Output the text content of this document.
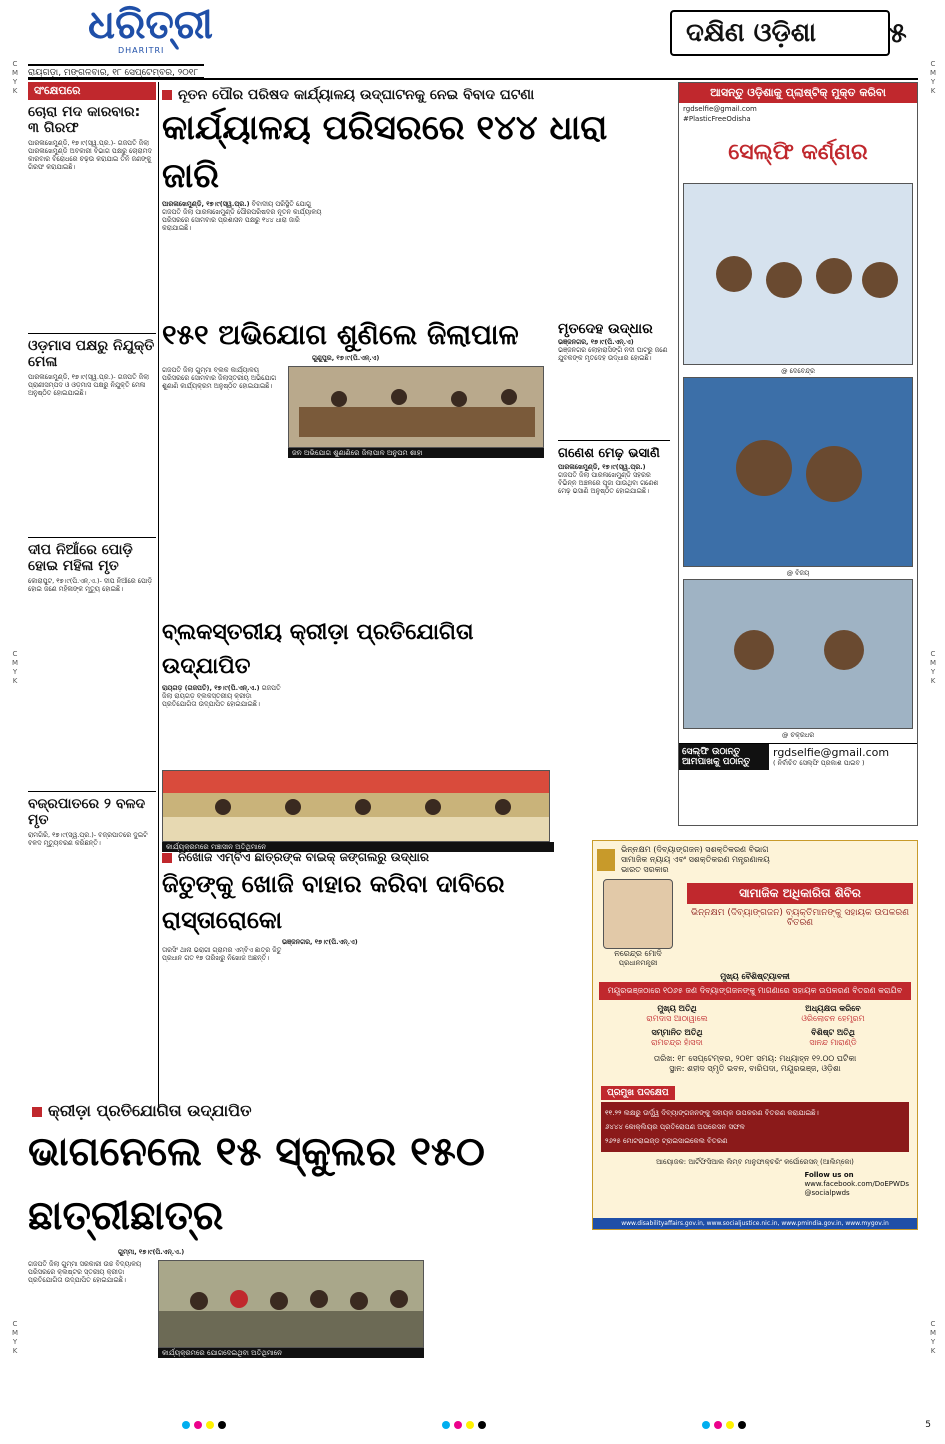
ଧରିତ୍ରୀ
DHARITRI
ରାୟଗଡ଼ା, ମଙ୍ଗଳବାର, ୧୮ ସେପ୍ଟେମ୍ବର, ୨୦୧୮
ଦକ୍ଷିଣ ଓଡ଼ିଶା	୫
C
M
Y
K
C
M
Y
K
C
M
Y
K
C
M
Y
K
C
M
Y
K
C
M
Y
K
ସଂକ୍ଷେପରେ
ଚୋରା ମଦ କାରବାର: ୩ ଗିରଫ
ପାରଳାଖେମୁଣ୍ଡି, ୧୭।୯(ସ୍ୱ.ପ୍ର.)- ଗଜପତି ଜିଲା ପାରଳାଖେମୁଣ୍ଡି ଅବକାରୀ ବିଭାଗ ପକ୍ଷରୁ ଚୋରାମଦ କାରବାର ବିରୋଧରେ ଚଢ଼ଉ କରାଯାଇ ତିନି ଜଣଙ୍କୁ ଗିରଫ କରାଯାଇଛି।
ଓଡ଼ମାସ ପକ୍ଷରୁ ନିଯୁକ୍ତି ମେଳା
ପାରଳାଖେମୁଣ୍ଡି, ୧୭।୯(ସ୍ୱ.ପ୍ର.)- ଗଜପତି ଜିଲା ପ୍ରାଣୀସମ୍ପଦ ଓ ଓଡ଼ମାସ ପକ୍ଷରୁ ନିଯୁକ୍ତି ମେଳା ଅନୁଷ୍ଠିତ ହୋଇଯାଇଛି।
ଦୀପ ନିଆଁରେ ପୋଡ଼ି ହୋଇ ମହିଳା ମୃତ
କୋରାପୁଟ, ୧୭।୯(ପି.ଏନ୍.ଏ.)- ଦୀପ ନିଆଁରେ ପୋଡ଼ି ହୋଇ ଜଣେ ମହିଳାଙ୍କ ମୃତ୍ୟୁ ହୋଇଛି।
ବଜ୍ରପାତରେ ୨ ବଳଦ ମୃତ
ରାମଗିରି, ୧୭।୯(ସ୍ୱ.ପ୍ର.)- ବଜ୍ରପାତରେ ଦୁଇଟି ବଳଦ ମୃତ୍ୟୁବରଣ କରିଛନ୍ତି।
ନୂତନ ପୌର ପରିଷଦ କାର୍ଯ୍ୟାଳୟ ଉଦ୍‌ଘାଟନକୁ ନେଇ ବିବାଦ ଘଟଣା
କାର୍ଯ୍ୟାଳୟ ପରିସରରେ ୧୪୪ ଧାରା ଜାରି
ପାରଳାଖେମୁଣ୍ଡି, ୧୭।୯(ସ୍ୱ.ପ୍ର.) ବିବାଦୀୟ ପରିସ୍ଥିତି ଯୋଗୁ ଗଜପତି ଜିଲା ପାରଳାଖେମୁଣ୍ଡି ପୌରପରିଷଦର ନୂତନ କାର୍ଯ୍ୟାଳୟ ପରିସରରେ ସୋମବାର ପ୍ରଶାସନ ପକ୍ଷରୁ ୧୪୪ ଧାରା ଜାରି କରାଯାଇଛି।
୧୫୧ ଅଭିଯୋଗ ଶୁଣିଲେ ଜିଲାପାଳ
ଗୁଣୁପୁର, ୧୭।୯(ପି.ଏନ୍.ଏ)
ଗଜପତି ଜିଲା ଗୁମ୍ମା ବ୍ଲକ କାର୍ଯ୍ୟାଳୟ ପରିସରରେ ସୋମବାର ଜିଲାସ୍ତରୀୟ ଅଭିଯୋଗ ଶୁଣାଣି କାର୍ଯ୍ୟକ୍ରମ ଅନୁଷ୍ଠିତ ହୋଇଯାଇଛି।
ଜନ ଅଭିଯୋଗ ଶୁଣାଣିରେ ଜିଲାପାଳ ଅନୁପମ ଶାହା
ମୃତଦେହ ଉଦ୍ଧାର
ଭଞ୍ଜନଗର, ୧୭।୯(ପି.ଏନ୍.ଏ)
ଭଞ୍ଜନଗର ଲୋହାରାସିଙ୍ଗି ନଦୀ ଘାଟରୁ ଜଣେ ଯୁବକଙ୍କ ମୃତଦେହ ଉଦ୍ଧାର ହୋଇଛି।
ଗଣେଶ ମେଢ଼ ଭସାଣି
ପାରଳାଖେମୁଣ୍ଡି, ୧୭।୯(ସ୍ୱ.ପ୍ର.)
ଗଜପତି ଜିଲା ପାରଳାଖେମୁଣ୍ଡି ସହରର ବିଭିନ୍ନ ଅଞ୍ଚଳରେ ପୂଜା ପାଉଥିବା ଗଣେଶ ମେଢ଼ ଭସାଣି ଅନୁଷ୍ଠିତ ହୋଇଯାଇଛି।
ବ୍ଲକସ୍ତରୀୟ କ୍ରୀଡ଼ା ପ୍ରତିଯୋଗିତା ଉଦ୍‌ଯାପିତ
ରାୟଗଡ଼ (ଗଜପତି), ୧୭।୯(ପି.ଏନ୍.ଏ.) ଗଜପତି ଜିଲା ରାୟଗଡ଼ ବ୍ଲକସ୍ତରୀୟ କ୍ରୀଡ଼ା ପ୍ରତିଯୋଗିତା ଉଦ୍‌ଯାପିତ ହୋଇଯାଇଛି।
କାର୍ଯ୍ୟକ୍ରମରେ ମଞ୍ଚାସୀନ ଅତିଥିମାନେ
ନିଖୋଜ ଏମ୍‌ବିଏ ଛାତ୍ରଙ୍କ ବାଇକ୍ ଜଙ୍ଗଲରୁ ଉଦ୍ଧାର
ଜିତୁଙ୍କୁ ଖୋଜି ବାହାର କରିବା ଦାବିରେ ରାସ୍ତାରୋକୋ
ଭଞ୍ଜନଗର, ୧୭।୯(ପି.ଏନ୍.ଏ)
ତାରସିଂ ଥାନା ଭରାଗୀ ଗ୍ରାମର ଏମ୍‌ବିଏ ଛାତ୍ର ଜିତୁ ପ୍ରଧାନ ଗତ ୧୭ ତାରିଖରୁ ନିଖୋଜ ଅଛନ୍ତି।
କ୍ରୀଡ଼ା ପ୍ରତିଯୋଗିତା ଉଦ୍‌ଯାପିତ
ଭାଗନେଲେ ୧୫ ସ୍କୁଲର ୧୫୦ ଛାତ୍ରୀଛାତ୍ର
ଗୁମ୍ମା, ୧୭।୯(ପି.ଏନ୍.ଏ.)
ଗଜପତି ଜିଲା ଗୁମ୍ମା ସରକାରୀ ଉଚ୍ଚ ବିଦ୍ୟାଳୟ ପରିସରରେ କ୍ଲଷ୍ଟର ସ୍ତରୀୟ କ୍ରୀଡ଼ା ପ୍ରତିଯୋଗିତା ଉଦ୍‌ଯାପିତ ହୋଇଯାଇଛି।
କାର୍ଯ୍ୟକ୍ରମରେ ଯୋଗଦେଇଥିବା ଅତିଥିମାନେ
ଆସନ୍ତୁ ଓଡ଼ିଶାକୁ ପ୍ଲାଷ୍ଟିକ୍ ମୁକ୍ତ କରିବା
rgdselfie@gmail.com
#PlasticFreeOdisha
ସେଲ୍‌ଫି କର୍ଣ୍ଣର
@ ଦେବେନ୍ଦ୍ର
@ ବିଜୟ
@ ଚକ୍ରଧର
ସେଲ୍‌ଫି ଉଠାନ୍ତୁ
ଆମପାଖକୁ ପଠାନ୍ତୁ
rgdselfie@gmail.com
( ନିର୍ବାଚିତ ସେଲ୍‌ଫି ପ୍ରକାଶ ପାଇବ )
ଭିନ୍ନକ୍ଷମ (ଦିବ୍ୟାଙ୍ଗଜନ) ସଶକ୍ତିକରଣ ବିଭାଗ
ସାମାଜିକ ନ୍ୟାୟ ଏବଂ ସଶକ୍ତିକରଣ ମନ୍ତ୍ରଣାଳୟ
ଭାରତ ସରକାର
ନରେନ୍ଦ୍ର ମୋଦି
ପ୍ରଧାନମନ୍ତ୍ରୀ
ସାମାଜିକ ଅଧିକାରିତା ଶିବିର
ଭିନ୍ନକ୍ଷମ (ଦିବ୍ୟାଙ୍ଗଜନ) ବ୍ୟକ୍ତିମାନଙ୍କୁ ସହାୟକ ଉପକରଣ ବିତରଣ
ମୁଖ୍ୟ ବୈଶିଷ୍ଟ୍ୟାବଳୀ
ମୟୂରଭଞ୍ଜଠାରେ ୧୦୬୫ ଜଣ ଦିବ୍ୟାଙ୍ଗଜନଙ୍କୁ ମାଗଣାରେ ସହାୟକ ଉପକରଣ ବିତରଣ କରାଯିବ
ମୁଖ୍ୟ ଅତିଥି
ରାମଦାସ ଆଠାୱାଲେ
ଅଧ୍ୟକ୍ଷତା କରିବେ
ଓରିଲୋଚନ ହେମ୍ବ୍ରମ
ସମ୍ମାନିତ ଅତିଥି
ରାମଚନ୍ଦ୍ର ହାଁସଦା
ବିଶିଷ୍ଟ ଅତିଥି
ସାନନ୍ଦ ମାରାଣ୍ଡି
ତାରିଖ: ୧୮ ସେପ୍ଟେମ୍ବର, ୨୦୧୮ ସମୟ: ମଧ୍ୟାହ୍ନ ୧୨.୦୦ ଘଟିକା
ସ୍ଥାନ: ଶହୀଦ ସ୍ମୃତି ଭବନ, ବାରିପଦା, ମୟୂରଭଞ୍ଜ, ଓଡ଼ିଶା
ପ୍ରମୁଖ ପଦକ୍ଷେପ
୧୧.୨୨ ଲକ୍ଷରୁ ଊର୍ଦ୍ଧ୍ୱ ଦିବ୍ୟାଙ୍ଗଜନଙ୍କୁ ସହାୟକ ଉପକରଣ ବିତରଣ କରାଯାଇଛି।
୬୪୪୪ କୋକ୍ଲିୟର ପ୍ରତିରୋପଣ ଅପରେସନ ସଫଳ
୨୬୨୫ ମୋଟରାଇଜ୍ଡ ଟ୍ରାଇସାଇକେଲ ବିତରଣ
ଆୟୋଜକ: ଆର୍ଟିଫିସିଆଲ ଲିମ୍ବ ମାନୁଫାକ୍ଚରିଂ କର୍ପୋରେସନ୍ (ଆଲିମ୍‌କୋ)
Follow us on
www.facebook.com/DoEPWDs
@socialpwds
www.disabilityaffairs.gov.in, www.socialjustice.nic.in, www.pmindia.gov.in, www.mygov.in
5
